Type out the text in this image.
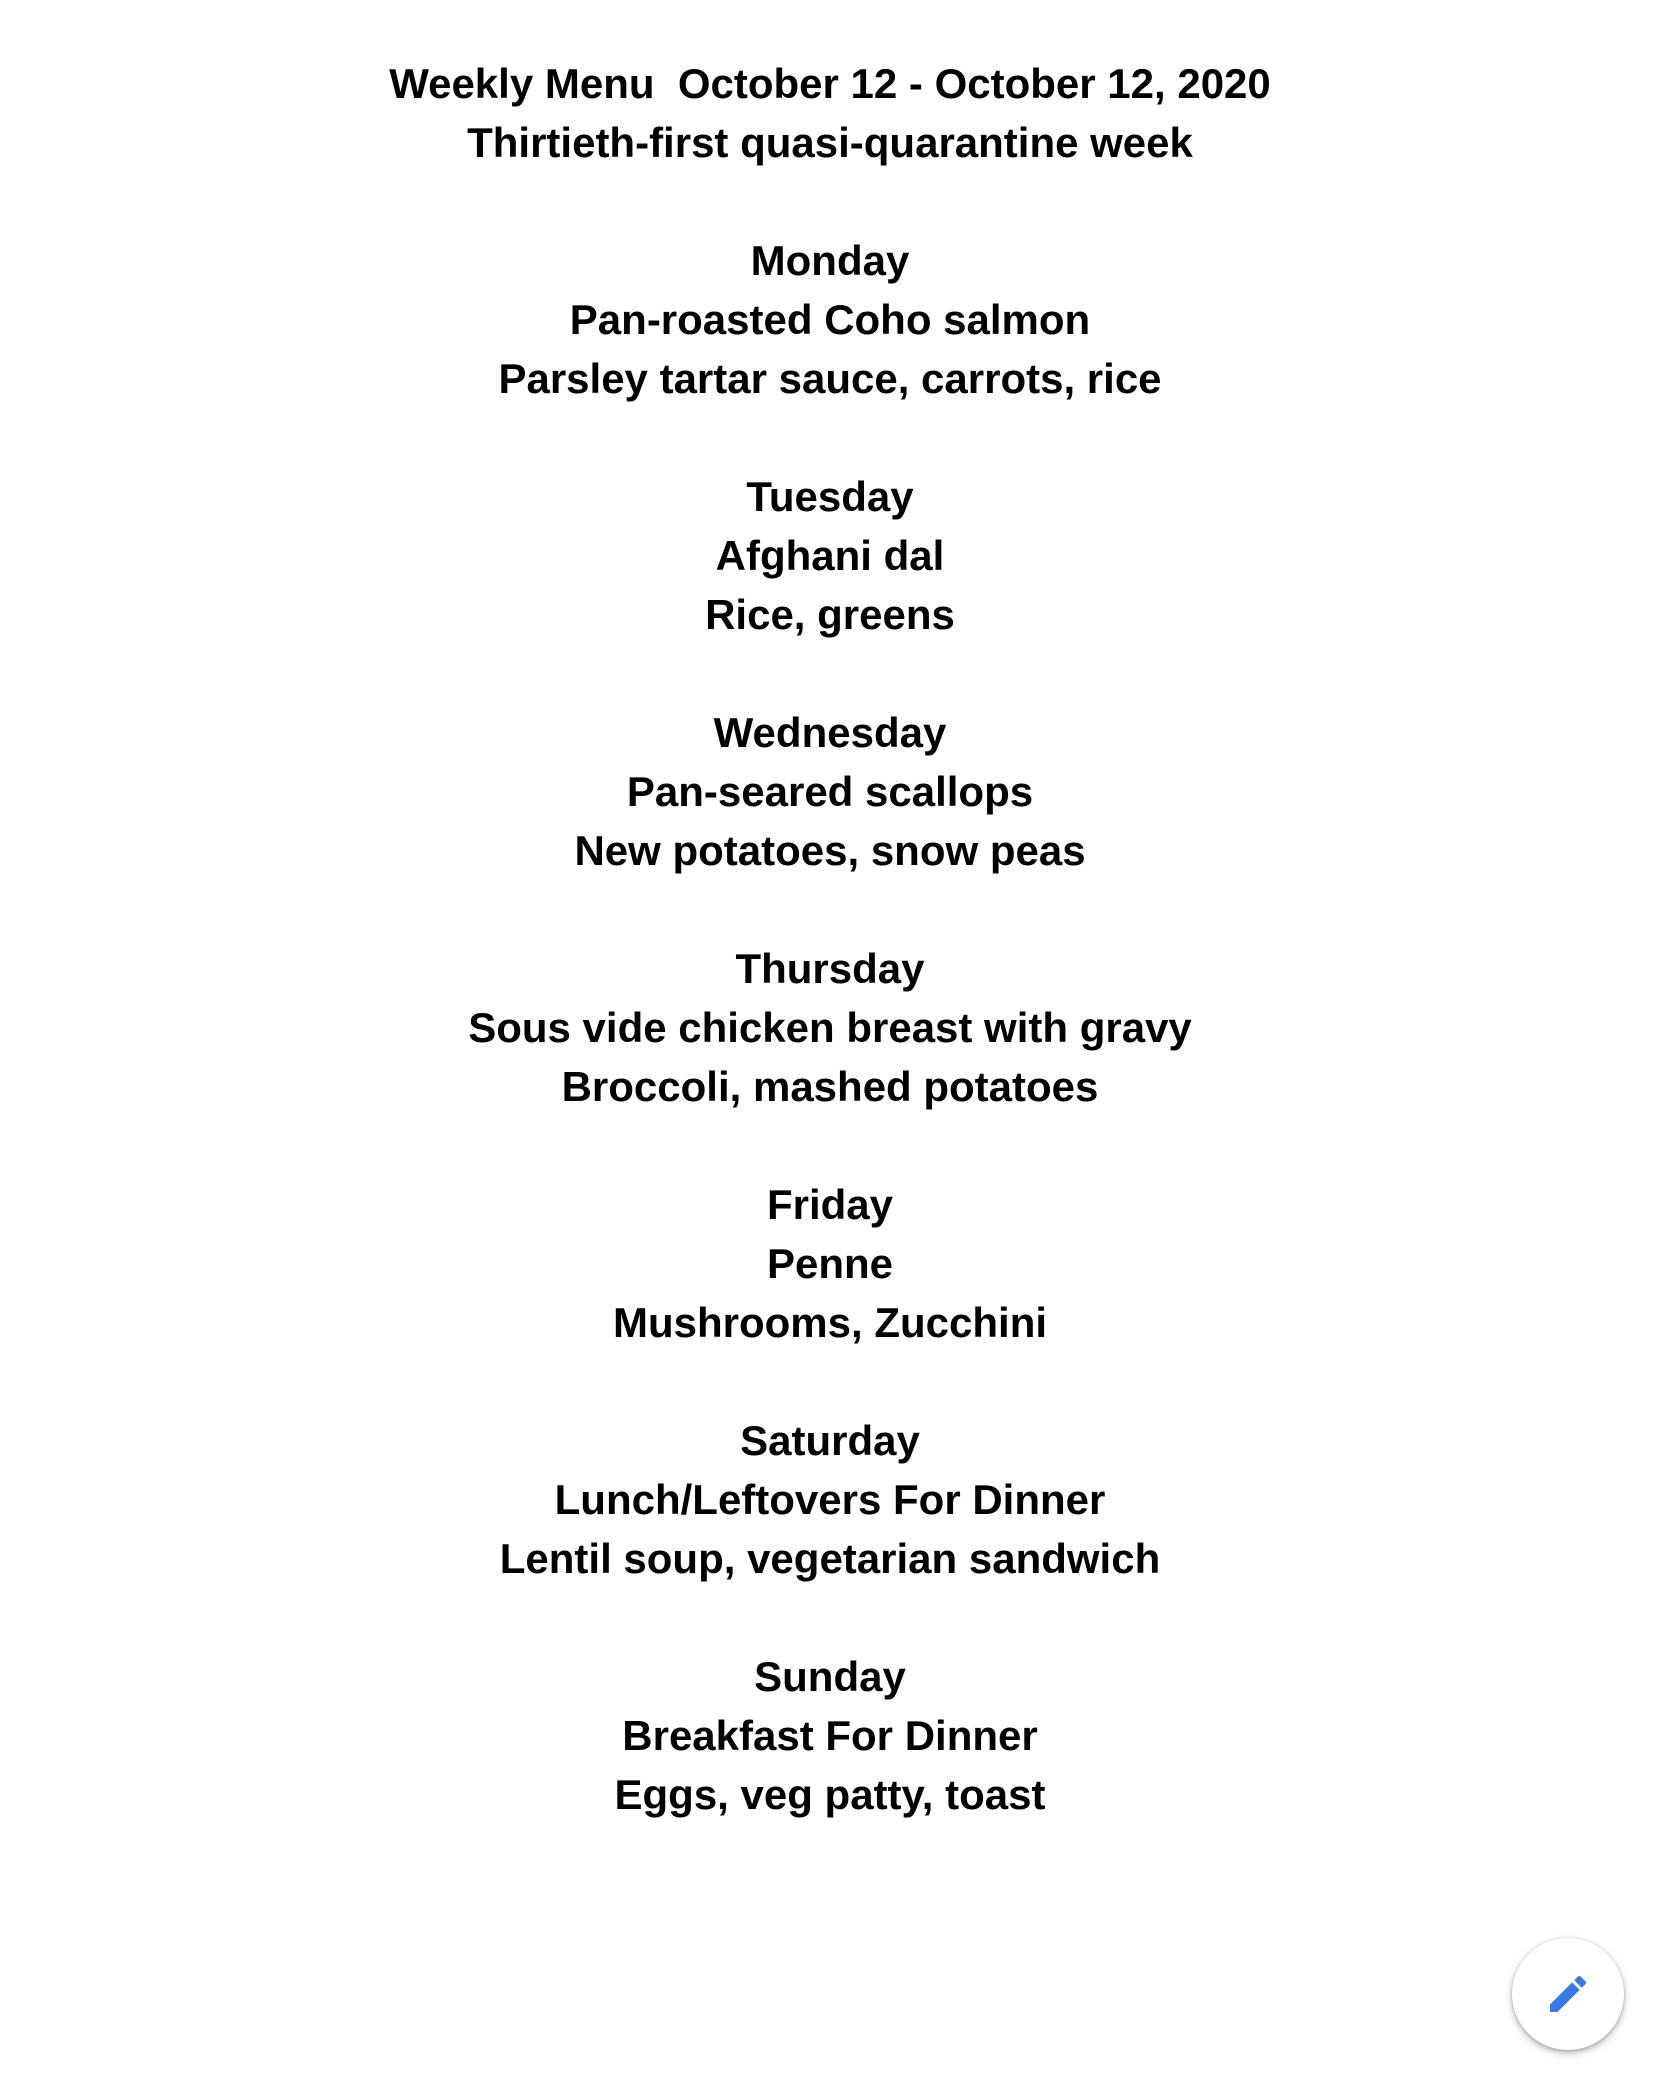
Weekly Menu  October 12 - October 12, 2020
Thirtieth-first quasi-quarantine week
Monday
Pan-roasted Coho salmon
Parsley tartar sauce, carrots, rice
Tuesday
Afghani dal
Rice, greens
Wednesday
Pan-seared scallops
New potatoes, snow peas
Thursday
Sous vide chicken breast with gravy
Broccoli, mashed potatoes
Friday
Penne
Mushrooms, Zucchini
Saturday
Lunch/Leftovers For Dinner
Lentil soup, vegetarian sandwich
Sunday
Breakfast For Dinner
Eggs, veg patty, toast
